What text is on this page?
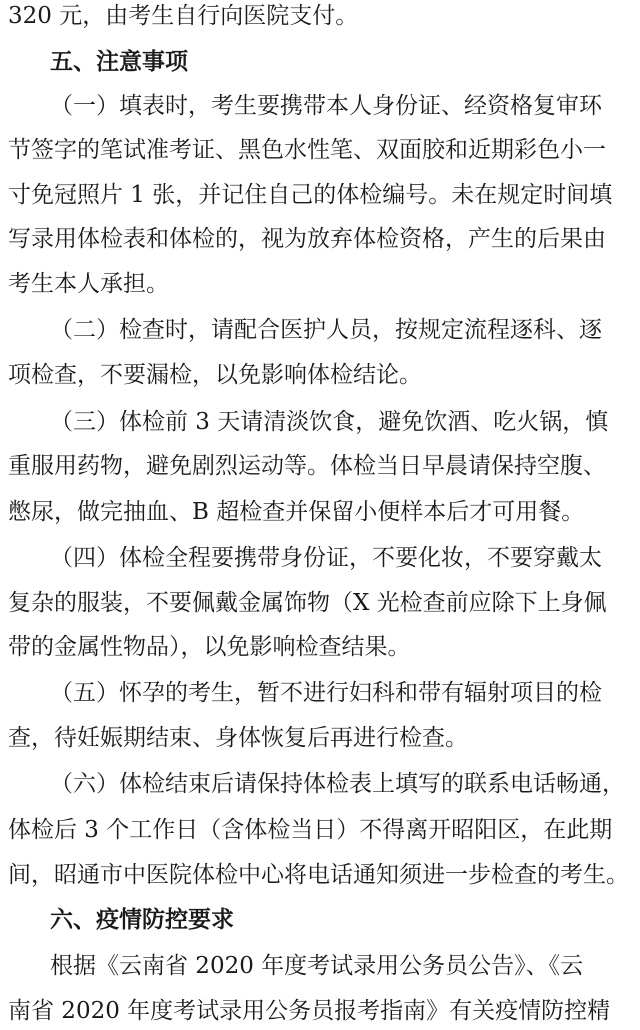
320 元，由考生自行向医院支付。
五、注意事项
（一）填表时，考生要携带本人身份证、经资格复审环
节签字的笔试准考证、黑色水性笔、双面胶和近期彩色小一
寸免冠照片 1 张，并记住自己的体检编号。未在规定时间填
写录用体检表和体检的，视为放弃体检资格，产生的后果由
考生本人承担。
（二）检查时，请配合医护人员，按规定流程逐科、逐
项检查，不要漏检，以免影响体检结论。
（三）体检前 3 天请清淡饮食，避免饮酒、吃火锅，慎
重服用药物，避免剧烈运动等。体检当日早晨请保持空腹、
憋尿，做完抽血、B 超检查并保留小便样本后才可用餐。
（四）体检全程要携带身份证，不要化妆，不要穿戴太
复杂的服装，不要佩戴金属饰物（X 光检查前应除下上身佩
带的金属性物品），以免影响检查结果。
（五）怀孕的考生，暂不进行妇科和带有辐射项目的检
查，待妊娠期结束、身体恢复后再进行检查。
（六）体检结束后请保持体检表上填写的联系电话畅通，
体检后 3 个工作日（含体检当日）不得离开昭阳区，在此期
间，昭通市中医院体检中心将电话通知须进一步检查的考生。
六、疫情防控要求
根据《云南省 2020 年度考试录用公务员公告》、《云
南省 2020 年度考试录用公务员报考指南》有关疫情防控精
